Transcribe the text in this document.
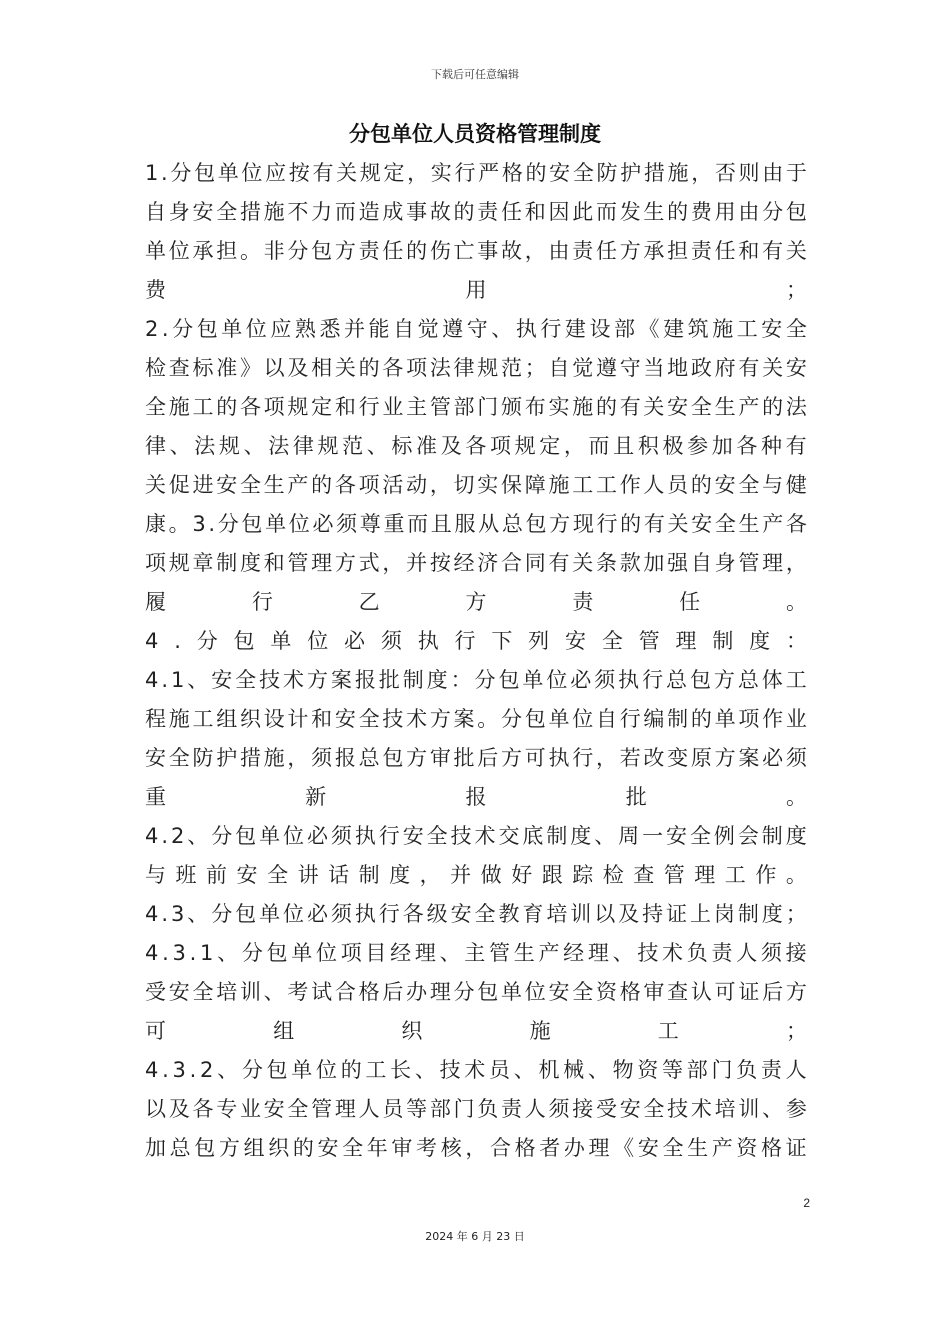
下载后可任意编辑
分包单位人员资格管理制度
1 . 分 包 单 位 应 按 有 关 规 定 ， 实 行 严 格 的 安 全 防 护 措 施 ， 否 则 由 于
自 身 安 全 措 施 不 力 而 造 成 事 故 的 责 任 和 因 此 而 发 生 的 费 用 由 分 包
单 位 承 担 。 非 分 包 方 责 任 的 伤 亡 事 故 ， 由 责 任 方 承 担 责 任 和 有 关
费	用	；
2 . 分 包 单 位 应 熟 悉 并 能 自 觉 遵 守 、 执 行 建 设 部 《 建 筑 施 工 安 全
检 查 标 准 》 以 及 相 关 的 各 项 法 律 规 范 ； 自 觉 遵 守 当 地 政 府 有 关 安
全 施 工 的 各 项 规 定 和 行 业 主 管 部 门 颁 布 实 施 的 有 关 安 全 生 产 的 法
律 、 法 规 、 法 律 规 范 、 标 准 及 各 项 规 定 ， 而 且 积 极 参 加 各 种 有
关 促 进 安 全 生 产 的 各 项 活 动 ， 切 实 保 障 施 工 工 作 人 员 的 安 全 与 健
康 。 3 . 分 包 单 位 必 须 尊 重 而 且 服 从 总 包 方 现 行 的 有 关 安 全 生 产 各
项 规 章 制 度 和 管 理 方 式 ， 并 按 经 济 合 同 有 关 条 款 加 强 自 身 管 理 ，
履	行	乙	方	责	任	。
4 . 分 包 单 位 必 须 执 行 下 列 安 全 管 理 制 度 ：
4 . 1 、 安 全 技 术 方 案 报 批 制 度 ： 分 包 单 位 必 须 执 行 总 包 方 总 体 工
程 施 工 组 织 设 计 和 安 全 技 术 方 案 。 分 包 单 位 自 行 编 制 的 单 项 作 业
安 全 防 护 措 施 ， 须 报 总 包 方 审 批 后 方 可 执 行 ， 若 改 变 原 方 案 必 须
重	新	报	批	。
4 . 2 、 分 包 单 位 必 须 执 行 安 全 技 术 交 底 制 度 、 周 一 安 全 例 会 制 度
与 班 前 安 全 讲 话 制 度 ， 并 做 好 跟 踪 检 查 管 理 工 作 。
4 . 3 、 分 包 单 位 必 须 执 行 各 级 安 全 教 育 培 训 以 及 持 证 上 岗 制 度 ；
4 . 3 . 1 、 分 包 单 位 项 目 经 理 、 主 管 生 产 经 理 、 技 术 负 责 人 须 接
受 安 全 培 训 、 考 试 合 格 后 办 理 分 包 单 位 安 全 资 格 审 查 认 可 证 后 方
可	组	织	施	工	；
4 . 3 . 2 、 分 包 单 位 的 工 长 、 技 术 员 、 机 械 、 物 资 等 部 门 负 责 人
以 及 各 专 业 安 全 管 理 人 员 等 部 门 负 责 人 须 接 受 安 全 技 术 培 训 、 参
加 总 包 方 组 织 的 安 全 年 审 考 核 ， 合 格 者 办 理 《 安 全 生 产 资 格 证
2
2024 年 6 月 23 日
